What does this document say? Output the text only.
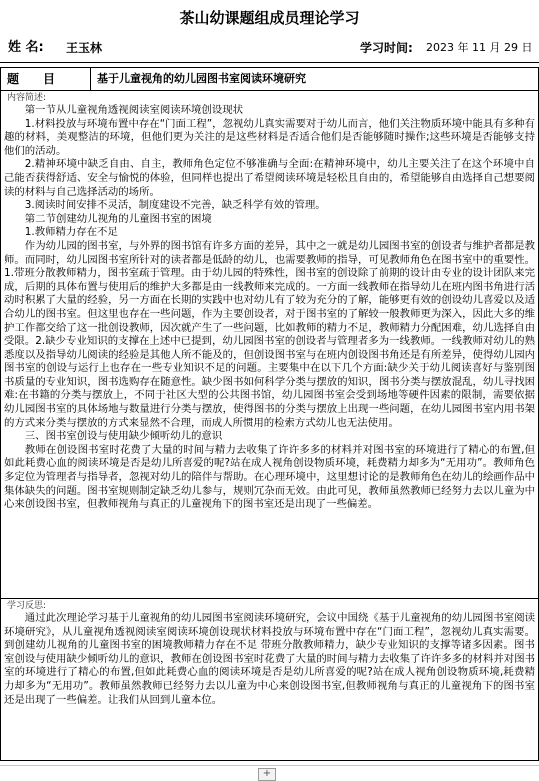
茶山幼课题组成员理论学习
姓 名: 王玉林	学习时间: 2023 年 11 月 29 日
题 目	基于儿童视角的幼儿园图书室阅读环境研究

内容简述:

第一节从儿童视角透视阅读室阅读环境创设现状

1.材料投放与环境布置中存在“门面工程”，忽视幼儿真实需要对于幼儿而言，他们关注物质环境中能具有多种有趣的材料，美观整洁的环境，但他们更为关注的是这些材料是否适合他们是否能够随时操作;这些环境是否能够支持他们的活动。

2.精神环境中缺乏自由、自主，教师角色定位不够准确与全面:在精神环境中，幼儿主要关注了在这个环境中自己能否获得舒适、安全与愉悦的体验，但同样也提出了希望阅读环境是轻松且自由的，希望能够自由选择自己想要阅读的材料与自己选择活动的场所。

3.阅读时间安排不灵活，制度建设不完善，缺乏科学有效的管理。

第二节创建幼儿视角的儿童图书室的困境

1.教师精力存在不足

作为幼儿园的图书室，与外界的图书馆有许多方面的差异，其中之一就是幼儿园图书室的创设者与维护者都是教师。而同时，幼儿园图书室所针对的读者都是低龄的幼儿，也需要教师的指导，可见教师角色在图书室中的重要性。1.带班分散教师精力，图书室疏于管理。由于幼儿园的特殊性，图书室的创设除了前期的设计由专业的设计团队来完成，后期的具体布置与使用后的维护大多都是由一线教师来完成的。一方面一线教师在指导幼儿在班内图书角进行活动时积累了大量的经验，另一方面在长期的实践中也对幼儿有了较为充分的了解，能够更有效的创设幼儿喜爱以及适合幼儿的图书室。但这里也存在一些问题，作为主要创设者，对于图书室的了解较一般教师更为深入，因此大多的维护工作都交给了这一批创设教师，因次就产生了一些问题，比如教师的精力不足，教师精力分配困难，幼儿选择自由受限。2.缺少专业知识的支撑在上述中已提到，幼儿园图书室的创设者与管理者多为一线教师。一线教师对幼儿的熟悉度以及指导幼儿阅读的经验是其他人所不能及的，但创设图书室与在班内创设图书角还是有所差异，使得幼儿园内图书室的创设与运行上也存在一些专业知识不足的问题。主要集中在以下几个方面:缺少关于幼儿阅读喜好与鉴别图书质量的专业知识，图书选购存在随意性。缺少图书如何科学分类与摆放的知识，图书分类与摆放混乱，幼儿寻找困难:在书籍的分类与摆放上，不同于社区大型的公共图书馆，幼儿园图书室会受到场地等硬件因素的限制，需要依据幼儿园图书室的具体场地与数量进行分类与摆放，使得图书的分类与摆放上出现一些问题，在幼儿园图书室内用书架的方式来分类与摆放的方式来显然不合理，而成人所惯用的检索方式幼儿也无法使用。

三、图书室创设与使用缺少倾听幼儿的意识

教师在创设图书室时花费了大量的时间与精力去收集了许许多多的材料并对图书室的环境进行了精心的布置,但如此耗费心血的阅读环境是否是幼儿所喜爱的呢?站在成人视角创设物质环境，耗费精力却多为“无用功”。教师角色多定位为管理者与指导者，忽视对幼儿的陪伴与帮助。在心理环境中，这里想讨论的是教师角色在幼儿的绘画作品中集体缺失的问题。图书室规则制定缺乏幼儿参与，规则冗杂而无效。由此可见，教师虽然教师已经努力去以儿童为中心来创设图书室，但教师视角与真正的儿童视角下的图书室还是出现了一些偏差。

学习反思:

通过此次理论学习基于儿童视角的幼儿园图书室阅读环境研究，会议中国绕《基于儿童视角的幼儿园图书室阅读环境研究》，从儿童视角透视阅读室阅读环境创设现状材料投放与环境布置中存在“门面工程”，忽视幼儿真实需要。到创建幼儿视角的儿童图书室的困境教师精力存在不足 带班分散教师精力，缺少专业知识的支撑等诸多因素。图书室创设与使用缺少倾听幼儿的意识，教师在创设图书室时花费了大量的时间与精力去收集了许许多多的材料并对图书室的环境进行了精心的布置,但如此耗费心血的阅读环境是否是幼儿所喜爱的呢?站在成人视角创设物质环境,耗费精力却多为“无用功”。教师虽然教师已经努力去以儿童为中心来创设图书室,但教师视角与真正的儿童视角下的图书室还是出现了一些偏差。让我们从回到儿童本位。

+
